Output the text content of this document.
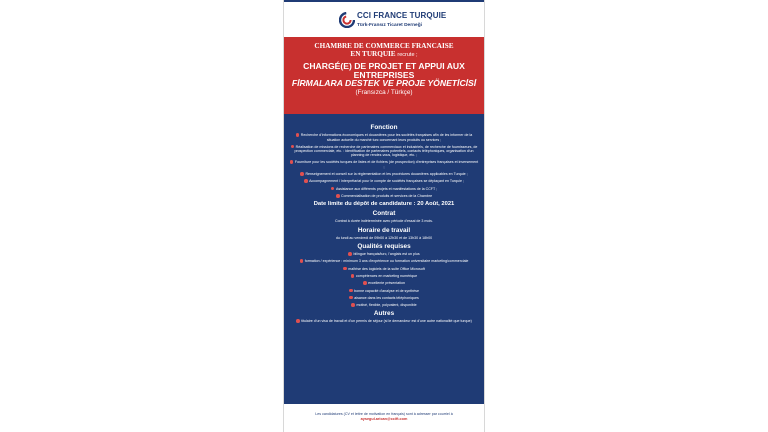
CCI FRANCE TURQUIE
Türk-Fransız Ticaret Derneği
CHAMBRE DE COMMERCE FRANCAISE
EN TURQUIE recrute ;
CHARGÉ(E) DE PROJET ET APPUI AUX ENTREPRISES
FİRMALARA DESTEK VE PROJE YÖNETİCİSİ
(Fransızca / Türkçe)
Fonction
Recherche d'informations économiques et douanières pour les sociétés françaises afin de les informer de la situation actuelle du marché turc concernant leurs produits ou services ;
Réalisation de missions de recherche de partenaires commerciaux et industriels, de recherche de fournisseurs, de prospection commerciale, etc. : identification de partenaires potentiels, contacts téléphoniques, organisation d'un planning de rendez-vous, logistique, etc. ;
Fourniture pour les sociétés turques de listes et de fichiers (de prospection) d'entreprises françaises et inversement ;
Renseignement et conseil sur la réglementation et les procédures douanières applicables en Turquie ;
Accompagnement / interprétariat pour le compte de sociétés françaises se déplaçant en Turquie ;
Assistance aux différents projets et manifestations de la CCFT ;
Commercialisation de produits et services de la Chambre
Date limite du dépôt de candidature : 20 Août, 2021
Contrat
Contrat à durée indéterminée avec période d'essai de 3 mois.
Horaire de travail
du lundi au vendredi de 09h00 à 12h30 et de 13h30 à 18h00
Qualités requises
bilingue français/turc, l'anglais est un plus
formation / expérience : minimum 3 ans d'expérience ou formation universitaire marketing/commerciale
maîtrise des logiciels de la suite Office Microsoft
compétences en marketing numérique
excellente présentation
bonne capacité d'analyse et de synthèse
aisance dans les contacts téléphoniques
motivé, flexible, polyvalent, disponible
Autres
titulaire d'un visa de travail et d'un permis de séjour (si le demandeur est d'une autre nationalité que turque)
Les candidatures (CV et lettre de motivation en français) sont à adresser par courriel à
aysegul.arican@ccift.com
